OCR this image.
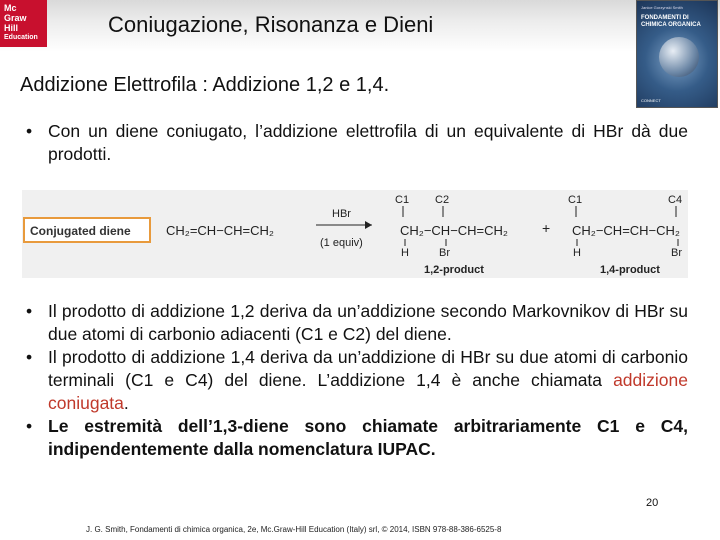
Mc
Graw
Hill
Education
Coniugazione, Risonanza e Dieni
Janice Gorzynski Smith
FONDAMENTI DI CHIMICA ORGANICA
CONNECT
Addizione Elettrofila : Addizione 1,2 e 1,4.
• Con un diene coniugato, l’addizione elettrofila di un equivalente di HBr dà due prodotti.
Conjugated diene	CH₂=CH−CH=CH₂
HBr
(1 equiv)
C1 C2
CH₂−CH−CH=CH₂
H	Br
1,2-product
+
C1	C4
CH₂−CH=CH−CH₂
H	Br
1,4-product
• Il prodotto di addizione 1,2 deriva da un’addizione secondo Markovnikov di HBr su due atomi di carbonio adiacenti (C1 e C2) del diene.
• Il prodotto di addizione 1,4 deriva da un’addizione di HBr su due atomi di carbonio terminali (C1 e C4) del diene. L’addizione 1,4 è anche chiamata addizione coniugata.
• Le estremità dell’1,3-diene sono chiamate arbitrariamente C1 e C4, indipendentemente dalla nomenclatura IUPAC.
20
J. G. Smith, Fondamenti di chimica organica, 2e, Mc.Graw-Hill Education (Italy) srl, © 2014, ISBN 978-88-386-6525-8
